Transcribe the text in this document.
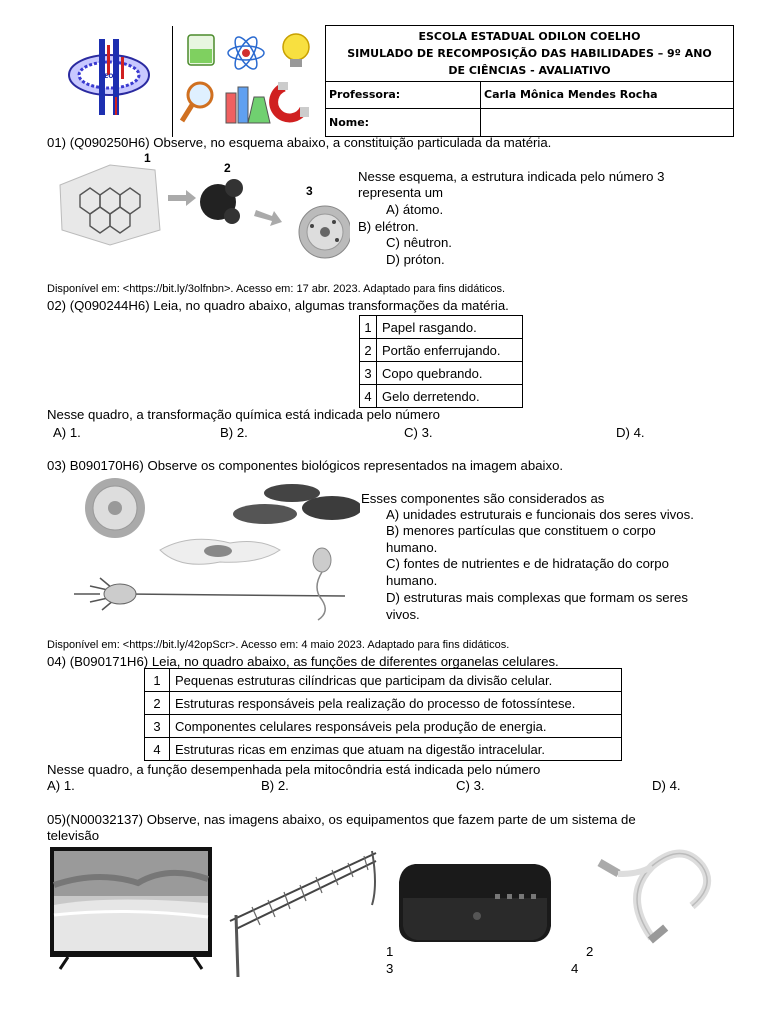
EEOC		ESCOLA ESTADUAL ODILON COELHO
SIMULADO DE RECOMPOSIÇÃO DAS HABILIDADES – 9º ANO
DE CIÊNCIAS - AVALIATIVO	

		Professora:	Carla Mônica Mendes Rocha
		Nome:	
01) (Q090250H6) Observe, no esquema abaixo, a constituição particulada da matéria.
1
2
3
Nesse esquema, a estrutura indicada pelo número 3
representa um
A) átomo.
B) elétron.
C) nêutron.
D) próton.
Disponível em: <https://bit.ly/3olfnbn>. Acesso em: 17 abr. 2023. Adaptado para fins didáticos.
02) (Q090244H6) Leia, no quadro abaixo, algumas transformações da matéria.
1	Papel rasgando.
2	Portão enferrujando.
3	Copo quebrando.
4	Gelo derretendo.
Nesse quadro, a transformação química está indicada pelo número
A) 1.	B) 2.	C) 3.	D) 4.
03) B090170H6) Observe os componentes biológicos representados na imagem abaixo.
Esses componentes são considerados as
A) unidades estruturais e funcionais dos seres vivos.
B) menores partículas que constituem o corpo
humano.
C) fontes de nutrientes e de hidratação do corpo
humano.
D) estruturas mais complexas que formam os seres
vivos.
Disponível em: <https://bit.ly/42opScr>. Acesso em: 4 maio 2023. Adaptado para fins didáticos.
04) (B090171H6) Leia, no quadro abaixo, as funções de diferentes organelas celulares.
1	Pequenas estruturas cilíndricas que participam da divisão celular.
2	Estruturas responsáveis pela realização do processo de fotossíntese.
3	Componentes celulares responsáveis pela produção de energia.
4	Estruturas ricas em enzimas que atuam na digestão intracelular.
Nesse quadro, a função desempenhada pela mitocôndria está indicada pelo número
A) 1.	B) 2.	C) 3.	D) 4.
05)(N00032137) Observe, nas imagens abaixo, os equipamentos que fazem parte de um sistema de
televisão
1	2
3	4
